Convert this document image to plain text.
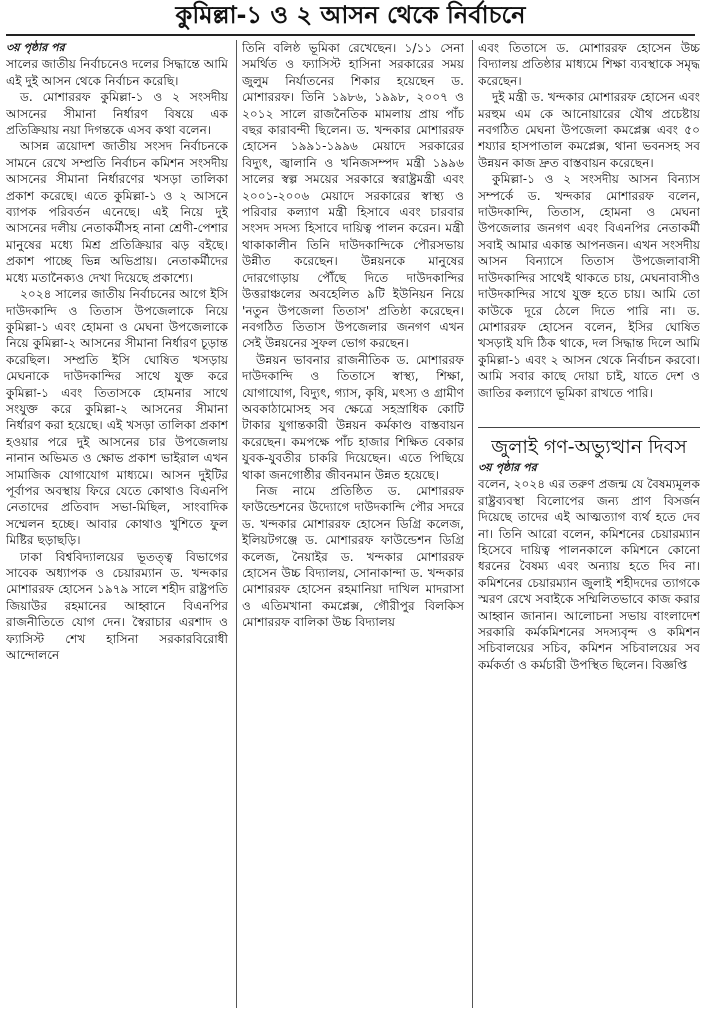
কুমিল্লা-১ ও ২ আসন থেকে নির্বাচনে
৩য় পৃষ্ঠার পর

সালের জাতীয় নির্বাচনেও দলের সিদ্ধান্তে আমি এই দুই আসন থেকে নির্বাচন করেছি।

ড. মোশাররফ কুমিল্লা-১ ও ২ সংসদীয় আসনের সীমানা নির্ধারণ বিষয়ে এক প্রতিক্রিয়ায় নয়া দিগন্তকে এসব কথা বলেন।

আসন্ন ত্রয়োদশ জাতীয় সংসদ নির্বাচনকে সামনে রেখে সম্প্রতি নির্বাচন কমিশন সংসদীয় আসনের সীমানা নির্ধারণের খসড়া তালিকা প্রকাশ করেছে। এতে কুমিল্লা-১ ও ২ আসনে ব্যাপক পরিবর্তন এনেছে। এই নিয়ে দুই আসনের দলীয় নেতাকর্মীসহ নানা শ্রেণী-পেশার মানুষের মধ্যে মিশ্র প্রতিক্রিয়ার ঝড় বইছে। প্রকাশ পাচ্ছে ভিন্ন অভিপ্রায়। নেতাকর্মীদের মধ্যে মতানৈক্যও দেখা দিয়েছে প্রকাশ্যে।

২০২৪ সালের জাতীয় নির্বাচনের আগে ইসি দাউদকান্দি ও তিতাস উপজেলাকে নিয়ে কুমিল্লা-১ এবং হোমনা ও মেঘনা উপজেলাকে নিয়ে কুমিল্লা-২ আসনের সীমানা নির্ধারণ চূড়ান্ত করেছিল। সম্প্রতি ইসি ঘোষিত খসড়ায় মেঘনাকে দাউদকান্দির সাথে যুক্ত করে কুমিল্লা-১ এবং তিতাসকে হোমনার সাথে সংযুক্ত করে কুমিল্লা-২ আসনের সীমানা নির্ধারণ করা হয়েছে। এই খসড়া তালিকা প্রকাশ হওয়ার পরে দুই আসনের চার উপজেলায় নানান অভিমত ও ক্ষোভ প্রকাশ ভাইরাল এখন সামাজিক যোগাযোগ মাধ্যমে। আসন দুইটির পূর্বাপর অবস্থায় ফিরে যেতে কোথাও বিএনপি নেতাদের প্রতিবাদ সভা-মিছিল, সাংবাদিক সম্মেলন হচ্ছে। আবার কোথাও খুশিতে ফুল মিষ্টির ছড়াছড়ি।

ঢাকা বিশ্ববিদ্যালয়ের ভূতত্ত্ব বিভাগের সাবেক অধ্যাপক ও চেয়ারম্যান ড. খন্দকার মোশাররফ হোসেন ১৯৭৯ সালে শহীদ রাষ্ট্রপতি জিয়াউর রহমানের আহ্বানে বিএনপির রাজনীতিতে যোগ দেন। স্বৈরাচার এরশাদ ও ফ্যাসিস্ট শেখ হাসিনা সরকারবিরোধী আন্দোলনে

তিনি বলিষ্ঠ ভূমিকা রেখেছেন। ১/১১ সেনা সমর্থিত ও ফ্যাসিস্ট হাসিনা সরকারের সময় জুলুম নির্যাতনের শিকার হয়েছেন ড. মোশাররফ। তিনি ১৯৮৬, ১৯৯৮, ২০০৭ ও ২০১২ সালে রাজনৈতিক মামলায় প্রায় পাঁচ বছর কারাবন্দী ছিলেন। ড. খন্দকার মোশাররফ হোসেন ১৯৯১-১৯৯৬ মেয়াদে সরকারের বিদ্যুৎ, জ্বালানি ও খনিজসম্পদ মন্ত্রী ১৯৯৬ সালের স্বল্প সময়ের সরকারে স্বরাষ্ট্রমন্ত্রী এবং ২০০১-২০০৬ মেয়াদে সরকারের স্বাস্থ্য ও পরিবার কল্যাণ মন্ত্রী হিসাবে এবং চারবার সংসদ সদস্য হিসাবে দায়িত্ব পালন করেন। মন্ত্রী থাকাকালীন তিনি দাউদকান্দিকে পৌরসভায় উন্নীত করেছেন। উন্নয়নকে মানুষের দোরগোড়ায় পৌঁছে দিতে দাউদকান্দির উত্তরাঞ্চলের অবহেলিত ৯টি ইউনিয়ন নিয়ে 'নতুন উপজেলা তিতাস' প্রতিষ্ঠা করেছেন। নবগঠিত তিতাস উপজেলার জনগণ এখন সেই উন্নয়নের সুফল ভোগ করছেন।

উন্নয়ন ভাবনার রাজনীতিক ড. মোশাররফ দাউদকান্দি ও তিতাসে স্বাস্থ্য, শিক্ষা, যোগাযোগ, বিদ্যুৎ, গ্যাস, কৃষি, মৎস্য ও গ্রামীণ অবকাঠামোসহ সব ক্ষেত্রে সহস্রাধিক কোটি টাকার যুগান্তকারী উন্নয়ন কর্মকাণ্ড বাস্তবায়ন করেছেন। কমপক্ষে পাঁচ হাজার শিক্ষিত বেকার যুবক-যুবতীর চাকরি দিয়েছেন। এতে পিছিয়ে থাকা জনগোষ্ঠীর জীবনমান উন্নত হয়েছে।

নিজ নামে প্রতিষ্ঠিত ড. মোশাররফ ফাউন্ডেশনের উদ্যোগে দাউদকান্দি পৌর সদরে ড. খন্দকার মোশাররফ হোসেন ডিগ্রি কলেজ, ইলিয়টগঞ্জে ড. মোশাররফ ফাউন্ডেশন ডিগ্রি কলেজ, নৈয়াইর ড. খন্দকার মোশাররফ হোসেন উচ্চ বিদ্যালয়, সোনাকান্দা ড. খন্দকার মোশাররফ হোসেন রহমানিয়া দাখিল মাদরাসা ও এতিমখানা কমপ্লেক্স, গৌরীপুর বিলকিস মোশাররফ বালিকা উচ্চ বিদ্যালয়

এবং তিতাসে ড. মোশাররফ হোসেন উচ্চ বিদ্যালয় প্রতিষ্ঠার মাধ্যমে শিক্ষা ব্যবস্থাকে সমৃদ্ধ করেছেন।

দুই মন্ত্রী ড. খন্দকার মোশাররফ হোসেন এবং মরহুম এম কে আনোয়ারের যৌথ প্রচেষ্টায় নবগঠিত মেঘনা উপজেলা কমপ্লেক্স এবং ৫০ শয্যার হাসপাতাল কমপ্লেক্স, থানা ভবনসহ সব উন্নয়ন কাজ দ্রুত বাস্তবায়ন করেছেন।

কুমিল্লা-১ ও ২ সংসদীয় আসন বিন্যাস সম্পর্কে ড. খন্দকার মোশাররফ বলেন, দাউদকান্দি, তিতাস, হোমনা ও মেঘনা উপজেলার জনগণ এবং বিএনপির নেতাকর্মী সবাই আমার একান্ত আপনজন। এখন সংসদীয় আসন বিন্যাসে তিতাস উপজেলাবাসী দাউদকান্দির সাথেই থাকতে চায়, মেঘনাবাসীও দাউদকান্দির সাথে যুক্ত হতে চায়। আমি তো কাউকে দূরে ঠেলে দিতে পারি না। ড. মোশাররফ হোসেন বলেন, ইসির ঘোষিত খসড়াই যদি ঠিক থাকে, দল সিদ্ধান্ত দিলে আমি কুমিল্লা-১ এবং ২ আসন থেকে নির্বাচন করবো। আমি সবার কাছে দোয়া চাই, যাতে দেশ ও জাতির কল্যাণে ভূমিকা রাখতে পারি।

জুলাই গণ-অভ্যুত্থান দিবস
৩য় পৃষ্ঠার পর

বলেন, ২০২৪ এর তরুণ প্রজন্ম যে বৈষম্যমূলক রাষ্ট্রব্যবস্থা বিলোপের জন্য প্রাণ বিসর্জন দিয়েছে তাদের এই আত্মত্যাগ ব্যর্থ হতে দেব না। তিনি আরো বলেন, কমিশনের চেয়ারম্যান হিসেবে দায়িত্ব পালনকালে কমিশনে কোনো ধরনের বৈষম্য এবং অন্যায় হতে দিব না। কমিশনের চেয়ারম্যান জুলাই শহীদদের ত্যাগকে স্মরণ রেখে সবাইকে সম্মিলিতভাবে কাজ করার আহ্বান জানান। আলোচনা সভায় বাংলাদেশ সরকারি কর্মকমিশনের সদস্যবৃন্দ ও কমিশন সচিবালয়ের সচিব, কমিশন সচিবালয়ের সব কর্মকর্তা ও কর্মচারী উপস্থিত ছিলেন। বিজ্ঞপ্তি
